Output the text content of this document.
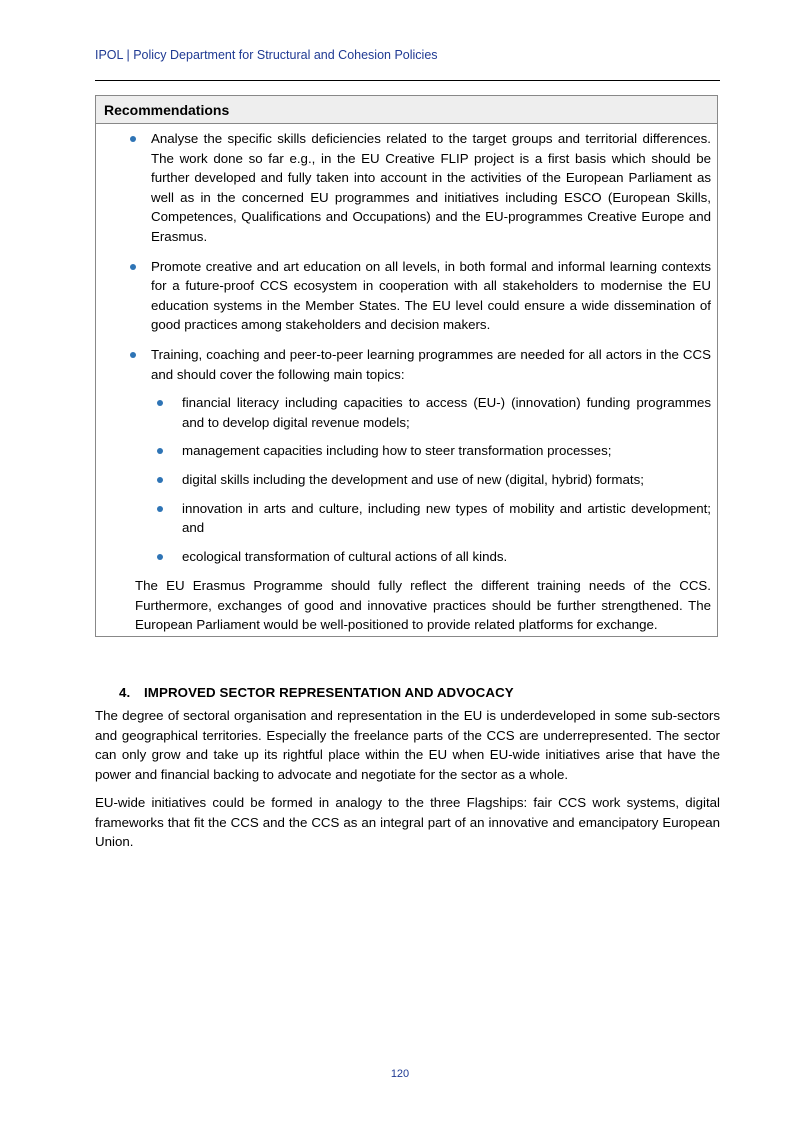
IPOL | Policy Department for Structural and Cohesion Policies
Recommendations
Analyse the specific skills deficiencies related to the target groups and territorial differences. The work done so far e.g., in the EU Creative FLIP project is a first basis which should be further developed and fully taken into account in the activities of the European Parliament as well as in the concerned EU programmes and initiatives including ESCO (European Skills, Competences, Qualifications and Occupations) and the EU-programmes Creative Europe and Erasmus.
Promote creative and art education on all levels, in both formal and informal learning contexts for a future-proof CCS ecosystem in cooperation with all stakeholders to modernise the EU education systems in the Member States. The EU level could ensure a wide dissemination of good practices among stakeholders and decision makers.
Training, coaching and peer-to-peer learning programmes are needed for all actors in the CCS and should cover the following main topics:
financial literacy including capacities to access (EU-) (innovation) funding programmes and to develop digital revenue models;
management capacities including how to steer transformation processes;
digital skills including the development and use of new (digital, hybrid) formats;
innovation in arts and culture, including new types of mobility and artistic development; and
ecological transformation of cultural actions of all kinds.

The EU Erasmus Programme should fully reflect the different training needs of the CCS. Furthermore, exchanges of good and innovative practices should be further strengthened. The European Parliament would be well-positioned to provide related platforms for exchange.

4. IMPROVED SECTOR REPRESENTATION AND ADVOCACY

The degree of sectoral organisation and representation in the EU is underdeveloped in some sub-sectors and geographical territories. Especially the freelance parts of the CCS are underrepresented. The sector can only grow and take up its rightful place within the EU when EU-wide initiatives arise that have the power and financial backing to advocate and negotiate for the sector as a whole.

EU-wide initiatives could be formed in analogy to the three Flagships: fair CCS work systems, digital frameworks that fit the CCS and the CCS as an integral part of an innovative and emancipatory European Union.

120
